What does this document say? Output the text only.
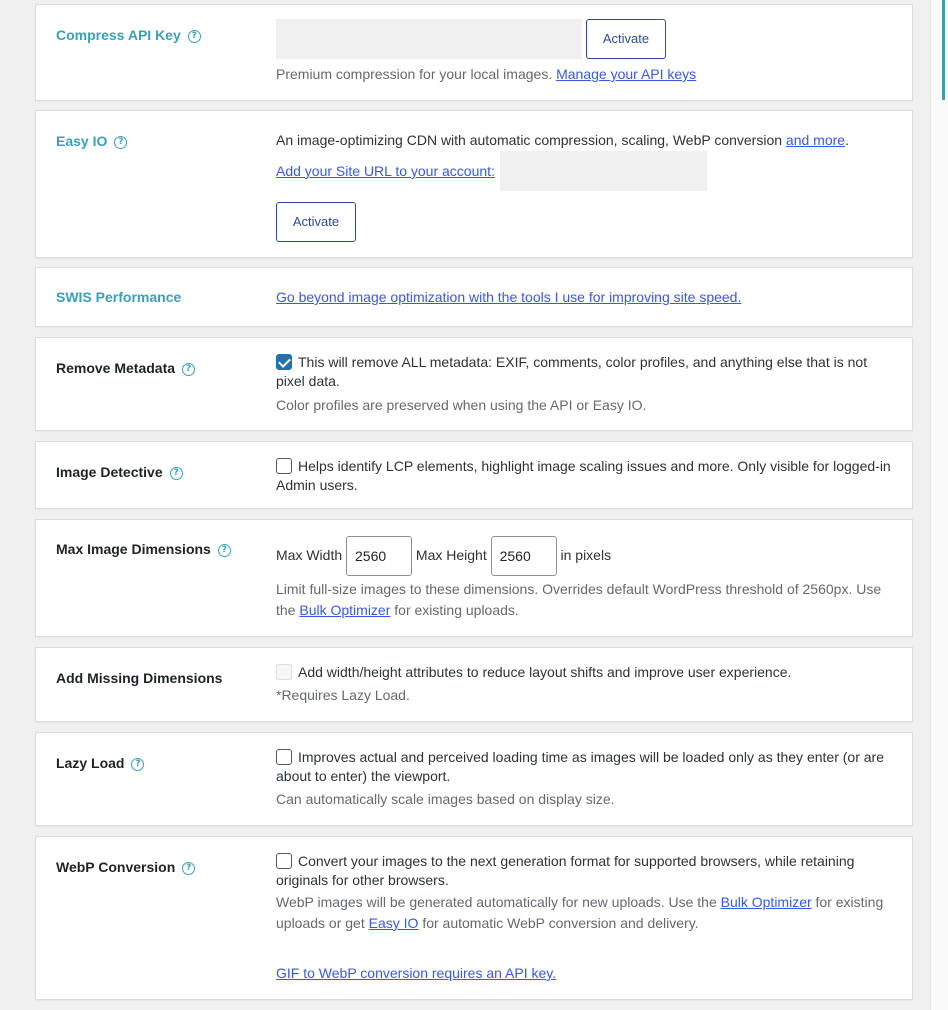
Compress API Key ?	Activate
Premium compression for your local images. Manage your API keys
Easy IO ?	An image-optimizing CDN with automatic compression, scaling, WebP conversion and more.
Add your Site URL to your account:
Activate
SWIS Performance	Go beyond image optimization with the tools I use for improving site speed.
Remove Metadata ?	This will remove ALL metadata: EXIF, comments, color profiles, and anything else that is not pixel data.
Color profiles are preserved when using the API or Easy IO.
Image Detective ?	Helps identify LCP elements, highlight image scaling issues and more. Only visible for logged-in Admin users.
Max Image Dimensions ?	Max Width 2560 Max Height 2560 in pixels
Limit full-size images to these dimensions. Overrides default WordPress threshold of 2560px. Use the Bulk Optimizer for existing uploads.
Add Missing Dimensions	Add width/height attributes to reduce layout shifts and improve user experience.
*Requires Lazy Load.
Lazy Load ?	Improves actual and perceived loading time as images will be loaded only as they enter (or are about to enter) the viewport.
Can automatically scale images based on display size.
WebP Conversion ?	Convert your images to the next generation format for supported browsers, while retaining originals for other browsers.
WebP images will be generated automatically for new uploads. Use the Bulk Optimizer for existing uploads or get Easy IO for automatic WebP conversion and delivery.
GIF to WebP conversion requires an API key.
